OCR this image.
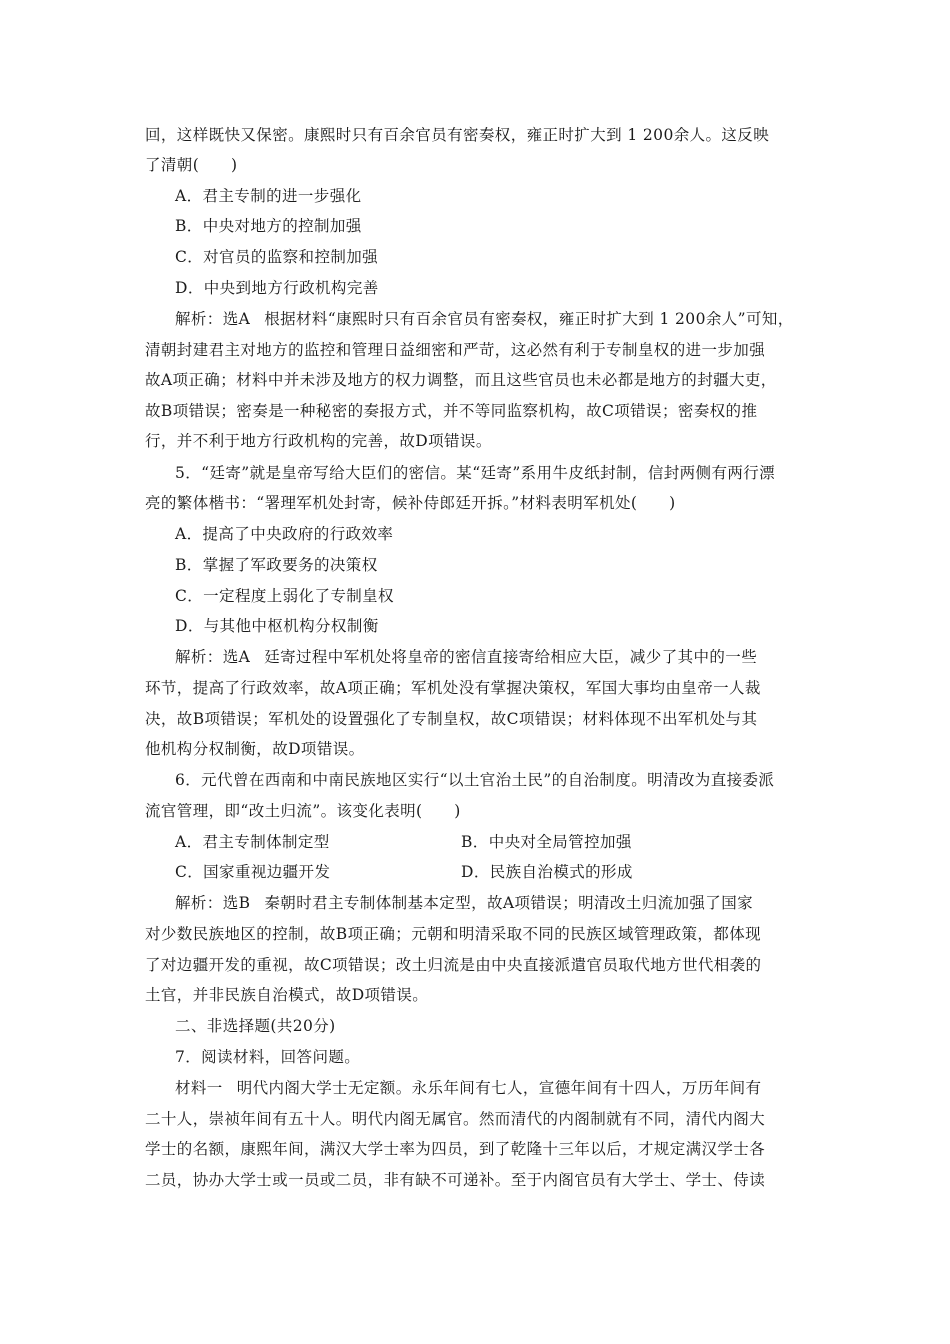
回，这样既快又保密。康熙时只有百余官员有密奏权，雍正时扩大到 1 200余人。这反映
了清朝(　　)
A．君主专制的进一步强化
B．中央对地方的控制加强
C．对官员的监察和控制加强
D．中央到地方行政机构完善
解析：选A 根据材料“康熙时只有百余官员有密奏权，雍正时扩大到 1 200余人”可知，
清朝封建君主对地方的监控和管理日益细密和严苛，这必然有利于专制皇权的进一步加强
故A项正确；材料中并未涉及地方的权力调整，而且这些官员也未必都是地方的封疆大吏，
故B项错误；密奏是一种秘密的奏报方式，并不等同监察机构，故C项错误；密奏权的推
行，并不利于地方行政机构的完善，故D项错误。
5．“廷寄”就是皇帝写给大臣们的密信。某“廷寄”系用牛皮纸封制，信封两侧有两行漂
亮的繁体楷书：“署理军机处封寄，候补侍郎廷开拆。”材料表明军机处(　　)
A．提高了中央政府的行政效率
B．掌握了军政要务的决策权
C．一定程度上弱化了专制皇权
D．与其他中枢机构分权制衡
解析：选A 廷寄过程中军机处将皇帝的密信直接寄给相应大臣，减少了其中的一些
环节，提高了行政效率，故A项正确；军机处没有掌握决策权，军国大事均由皇帝一人裁
决，故B项错误；军机处的设置强化了专制皇权，故C项错误；材料体现不出军机处与其
他机构分权制衡，故D项错误。
6．元代曾在西南和中南民族地区实行“以土官治土民”的自治制度。明清改为直接委派
流官管理，即“改土归流”。该变化表明(　　)
A．君主专制体制定型	B．中央对全局管控加强
C．国家重视边疆开发	D．民族自治模式的形成
解析：选B 秦朝时君主专制体制基本定型，故A项错误；明清改土归流加强了国家
对少数民族地区的控制，故B项正确；元朝和明清采取不同的民族区域管理政策，都体现
了对边疆开发的重视，故C项错误；改土归流是由中央直接派遣官员取代地方世代相袭的
土官，并非民族自治模式，故D项错误。
二、非选择题(共20分)
7．阅读材料，回答问题。
材料一 明代内阁大学士无定额。永乐年间有七人，宣德年间有十四人，万历年间有
二十人，崇祯年间有五十人。明代内阁无属官。然而清代的内阁制就有不同，清代内阁大
学士的名额，康熙年间，满汉大学士率为四员，到了乾隆十三年以后，才规定满汉学士各
二员，协办大学士或一员或二员，非有缺不可递补。至于内阁官员有大学士、学士、侍读
